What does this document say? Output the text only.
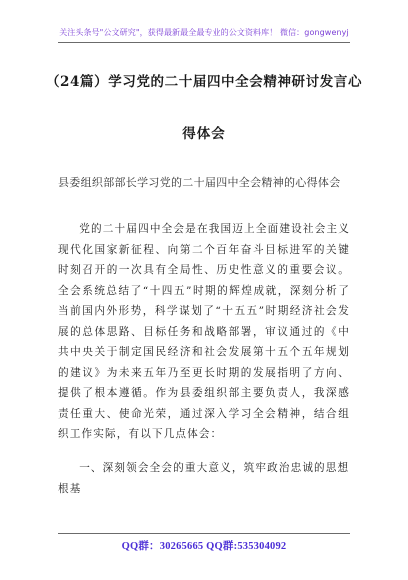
关注头条号"公文研究"，获得最新最全最专业的公文资料库！ 微信：gongwenyj
（24篇）学习党的二十届四中全会精神研讨发言心
得体会
县委组织部部长学习党的二十届四中全会精神的心得体会
党的二十届四中全会是在我国迈上全面建设社会主义现代化国家新征程、向第二个百年奋斗目标进军的关键时刻召开的一次具有全局性、历史性意义的重要会议。全会系统总结了“十四五”时期的辉煌成就，深刻分析了当前国内外形势，科学谋划了“十五五”时期经济社会发展的总体思路、目标任务和战略部署，审议通过的《中共中央关于制定国民经济和社会发展第十五个五年规划的建议》为未来五年乃至更长时期的发展指明了方向、提供了根本遵循。作为县委组织部主要负责人，我深感责任重大、使命光荣，通过深入学习全会精神，结合组织工作实际，有以下几点体会：
一、深刻领会全会的重大意义，筑牢政治忠诚的思想根基
QQ群：30265665 QQ群:535304092
